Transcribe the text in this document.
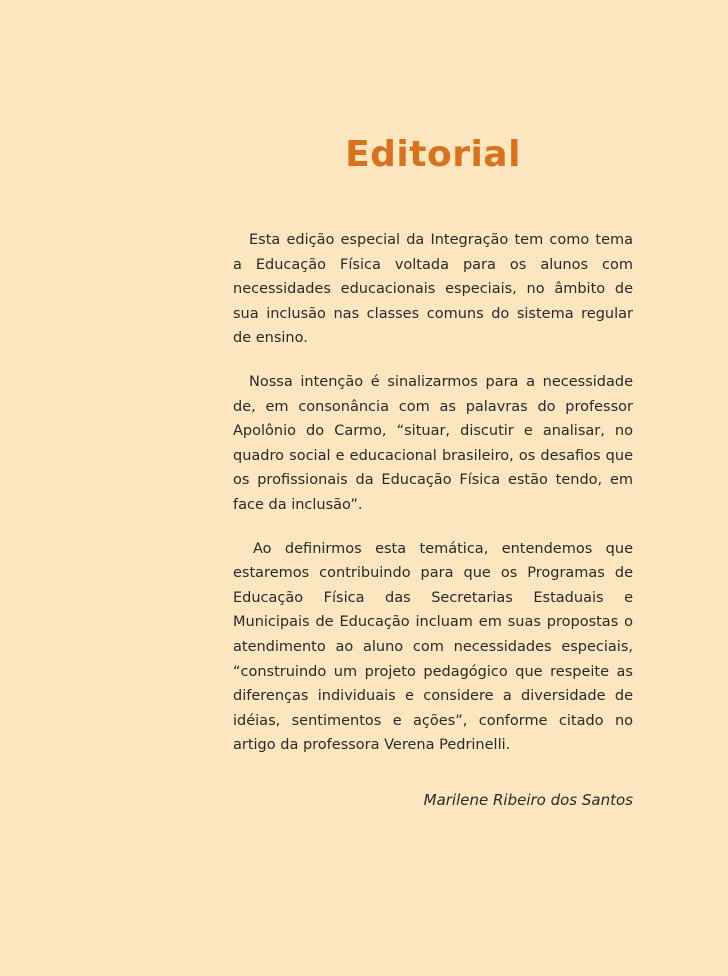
Editorial

Esta edição especial da Integração tem como tema a Educação Física voltada para os alunos com necessidades educacionais especiais, no âmbito de sua inclusão nas classes comuns do sistema regular de ensino.

Nossa intenção é sinalizarmos para a necessidade de, em consonância com as palavras do professor Apolônio do Carmo, “situar, discutir e analisar, no quadro social e educacional brasileiro, os desafios que os profissionais da Educação Física estão tendo, em face da inclusão”.

Ao definirmos esta temática, entendemos que estaremos contribuindo para que os Programas de Educação Física das Secretarias Estaduais e Municipais de Educação incluam em suas propostas o atendimento ao aluno com necessidades especiais, “construindo um projeto pedagógico que respeite as diferenças individuais e considere a diversidade de idéias, sentimentos e ações”, conforme citado no artigo da professora Verena Pedrinelli.

Marilene Ribeiro dos Santos
